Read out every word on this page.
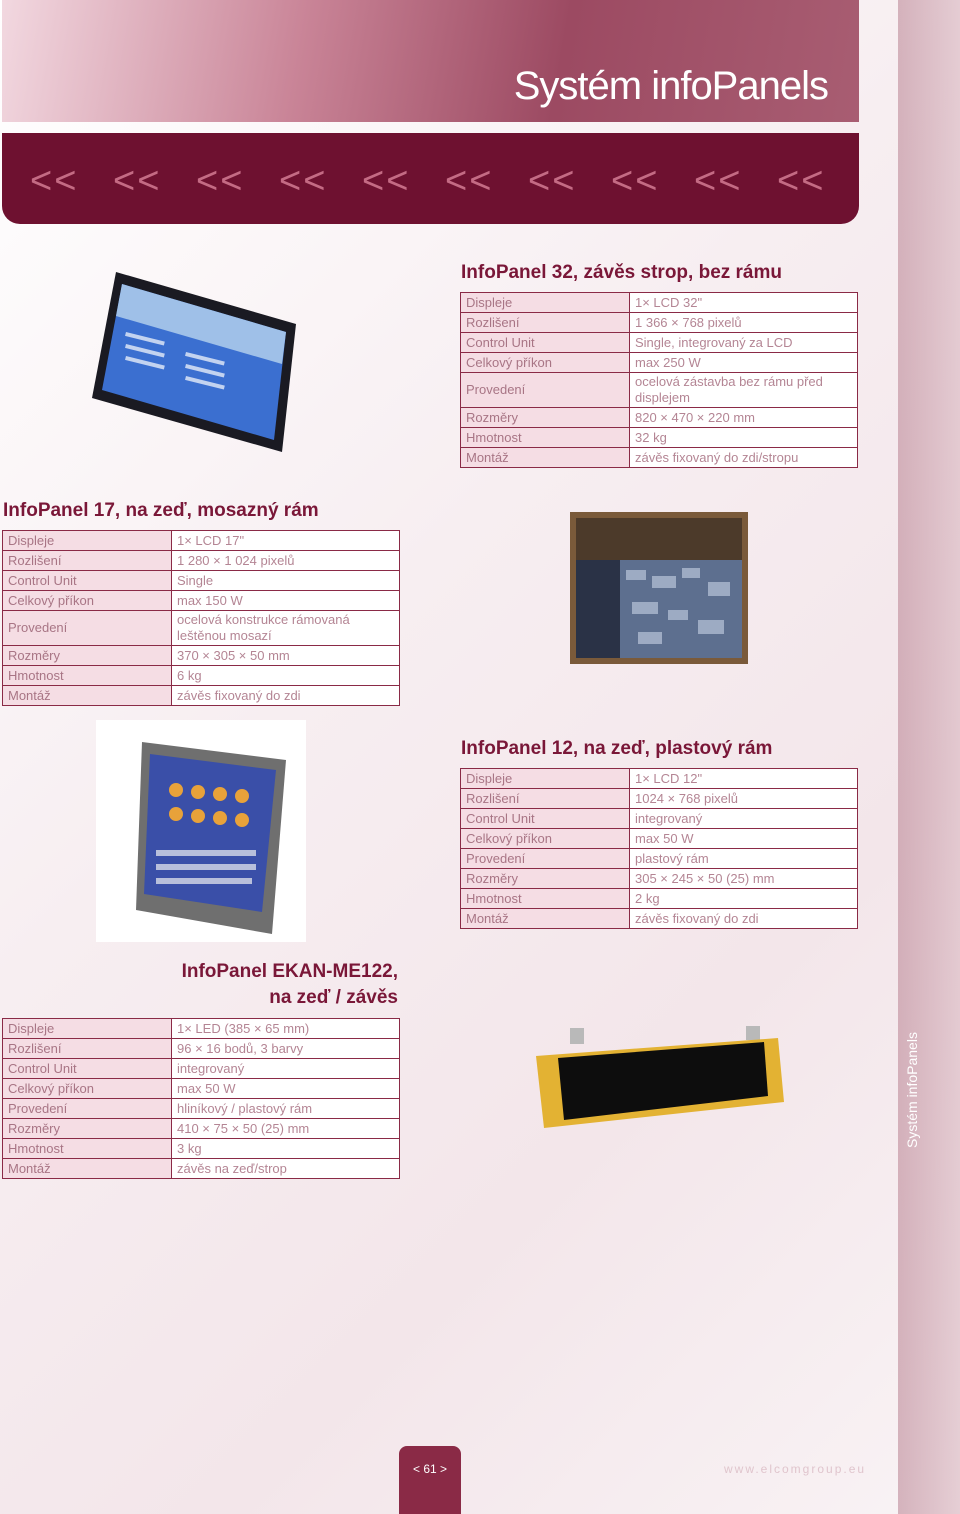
Systém infoPanels
<< << << << << << << << << <<
Systém infoPanels
InfoPanel 32, závěs strop, bez rámu
Displeje	1× LCD 32"
Rozlišení	1 366 × 768 pixelů
Control Unit	Single, integrovaný za LCD
Celkový příkon	max 250 W
Provedení	ocelová zástavba bez rámu před displejem
Rozměry	820 × 470 × 220 mm
Hmotnost	32 kg
Montáž	závěs fixovaný do zdi/stropu
InfoPanel 17, na zeď, mosazný rám
Displeje	1× LCD 17"
Rozlišení	1 280 × 1 024 pixelů
Control Unit	Single
Celkový příkon	max 150 W
Provedení	ocelová konstrukce rámovaná leštěnou mosazí
Rozměry	370 × 305 × 50 mm
Hmotnost	6 kg
Montáž	závěs fixovaný do zdi
InfoPanel 12, na zeď, plastový rám
Displeje	1× LCD 12"
Rozlišení	1024 × 768 pixelů
Control Unit	integrovaný
Celkový příkon	max 50 W
Provedení	plastový rám
Rozměry	305 × 245 × 50 (25) mm
Hmotnost	2 kg
Montáž	závěs fixovaný do zdi
InfoPanel EKAN-ME122,
na zeď / závěs
Displeje	1× LED (385 × 65 mm)
Rozlišení	96 × 16 bodů, 3 barvy
Control Unit	integrovaný
Celkový příkon	max 50 W
Provedení	hliníkový / plastový rám
Rozměry	410 × 75 × 50 (25) mm
Hmotnost	3 kg
Montáž	závěs na zeď/strop
< 61 >	www.elcomgroup.eu
